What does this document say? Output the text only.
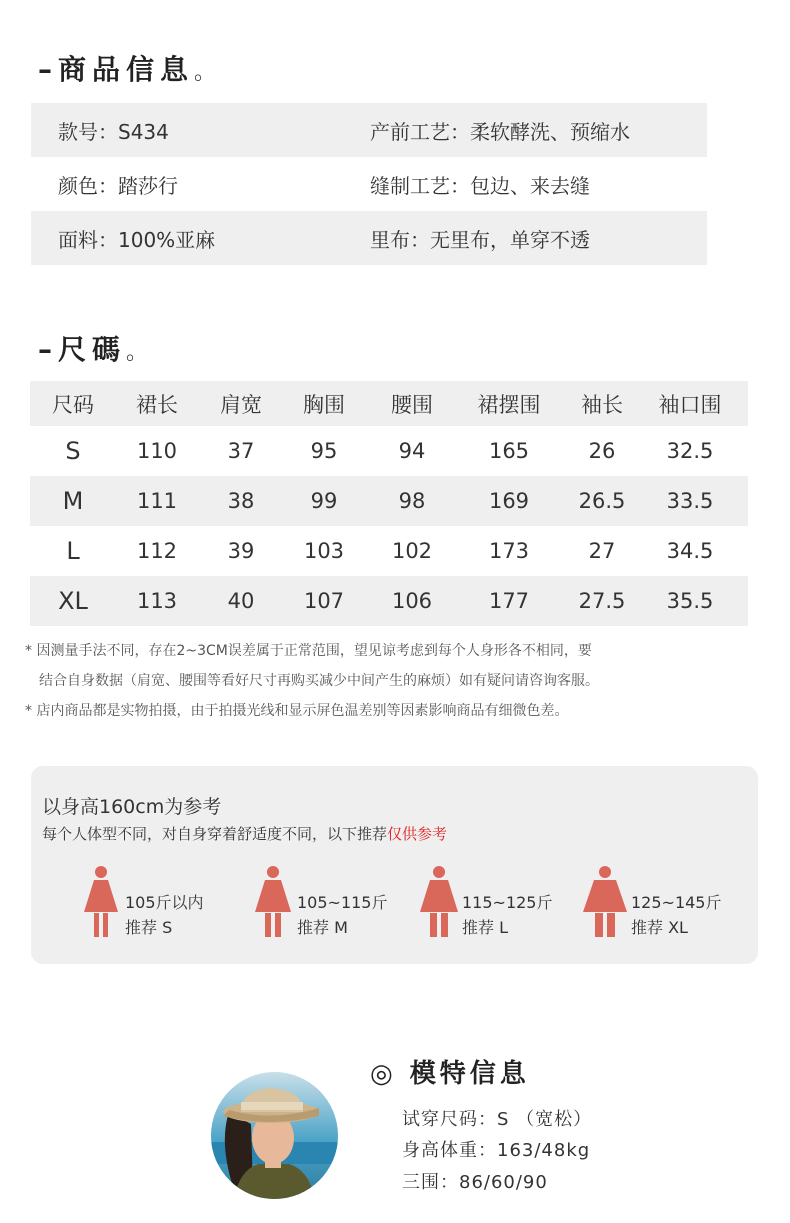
–商品信息。
款号：S434	产前工艺：柔软酵洗、预缩水
颜色：踏莎行	缝制工艺：包边、来去缝
面料：100%亚麻	里布：无里布，单穿不透
–尺碼。
尺码	裙长	肩宽	胸围	腰围	裙摆围	袖长	袖口围
S	110	37	95	94	165	26	32.5
M	111	38	99	98	169	26.5	33.5
L	112	39	103	102	173	27	34.5
XL	113	40	107	106	177	27.5	35.5
* 因测量手法不同，存在2~3CM误差属于正常范围，望见谅考虑到每个人身形各不相同，要
结合自身数据（肩宽、腰围等看好尺寸再购买减少中间产生的麻烦）如有疑问请咨询客服。
* 店内商品都是实物拍摄，由于拍摄光线和显示屏色温差别等因素影响商品有细微色差。
以身高160cm为参考
每个人体型不同，对自身穿着舒适度不同，以下推荐仅供参考
105斤以内
推荐 S
105~115斤
推荐 M
115~125斤
推荐 L
125~145斤
推荐 XL
◎ 模特信息
试穿尺码：S （宽松）
身高体重：163/48kg
三围：86/60/90
